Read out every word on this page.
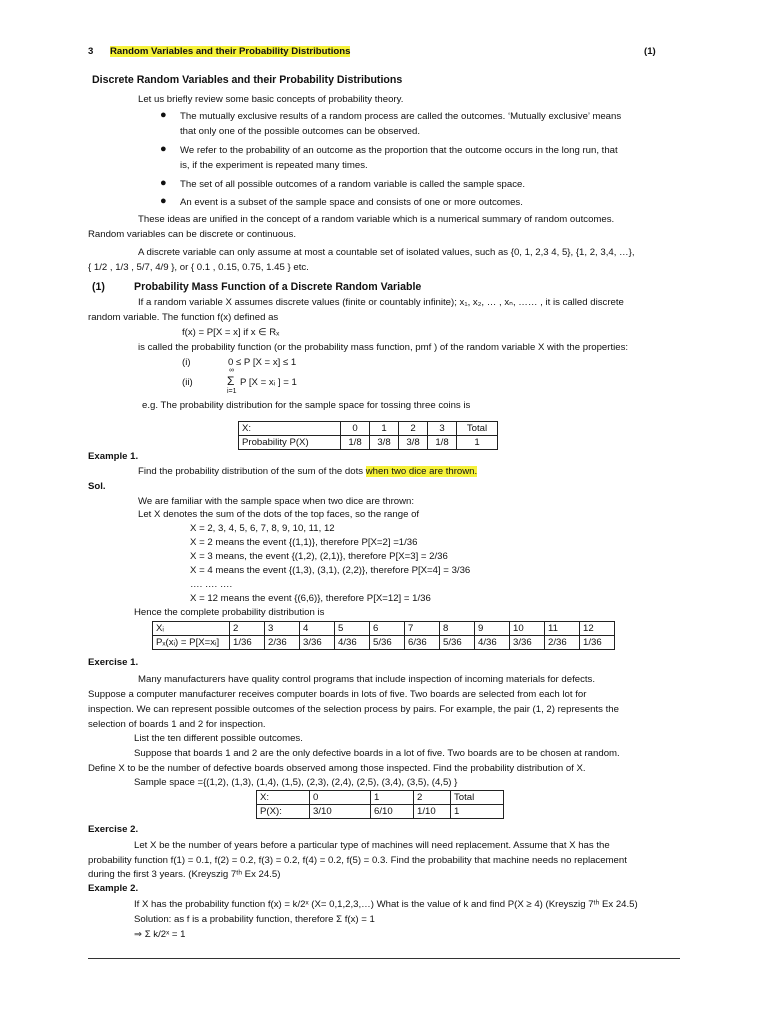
3 Random Variables and their Probability Distributions	(1)
Discrete Random Variables and their Probability Distributions
Let us briefly review some basic concepts of probability theory.
● The mutually exclusive results of a random process are called the outcomes. ‘Mutually exclusive’ means
that only one of the possible outcomes can be observed.
● We refer to the probability of an outcome as the proportion that the outcome occurs in the long run, that
is, if the experiment is repeated many times.
● The set of all possible outcomes of a random variable is called the sample space.
● An event is a subset of the sample space and consists of one or more outcomes.
These ideas are unified in the concept of a random variable which is a numerical summary of random outcomes.
Random variables can be discrete or continuous.
A discrete variable can only assume at most a countable set of isolated values, such as {0, 1, 2,3 4, 5}, {1, 2, 3,4, …},
{ 1/2 , 1/3 , 5/7, 4/9 }, or { 0.1 , 0.15, 0.75, 1.45 } etc.
(1)	Probability Mass Function of a Discrete Random Variable
If a random variable X assumes discrete values (finite or countably infinite); x₁, x₂, … , xₙ, …… , it is called discrete
random variable. The function f(x) defined as
f(x) = P[X = x] if x ∈ Rₓ
is called the probability function (or the probability mass function, pmf ) of the random variable X with the properties:
(i)	0 ≤ P [X = x] ≤ 1
(ii)
∞
Σ
i=1
P [X = xᵢ ] = 1
e.g. The probability distribution for the sample space for tossing three coins is
X:	0	1	2	3	Total
Probability P(X)	1/8	3/8	3/8	1/8	1
Example 1.
Find the probability distribution of the sum of the dots when two dice are thrown.
Sol.
We are familiar with the sample space when two dice are thrown:
Let X denotes the sum of the dots of the top faces, so the range of
X = 2, 3, 4, 5, 6, 7, 8, 9, 10, 11, 12
X = 2 means the event {(1,1)}, therefore P[X=2] =1/36
X = 3 means, the event {(1,2), (2,1)}, therefore P[X=3] = 2/36
X = 4 means the event {(1,3), (3,1), (2,2)}, therefore P[X=4] = 3/36
…. …. ….
X = 12 means the event {(6,6)}, therefore P[X=12] = 1/36
Hence the complete probability distribution is
Xᵢ	2	3	4	5	6	7	8	9	10	11	12
Pₓ(xᵢ) = P[X=xᵢ]	1/36	2/36	3/36	4/36	5/36	6/36	5/36	4/36	3/36	2/36	1/36
Exercise 1.
Many manufacturers have quality control programs that include inspection of incoming materials for defects.
Suppose a computer manufacturer receives computer boards in lots of five. Two boards are selected from each lot for
inspection. We can represent possible outcomes of the selection process by pairs. For example, the pair (1, 2) represents the
selection of boards 1 and 2 for inspection.
List the ten different possible outcomes.
Suppose that boards 1 and 2 are the only defective boards in a lot of five. Two boards are to be chosen at random.
Define X to be the number of defective boards observed among those inspected. Find the probability distribution of X.
Sample space ={(1,2), (1,3), (1,4), (1,5), (2,3), (2,4), (2,5), (3,4), (3,5), (4,5) }
X:	0	1	2	Total
P(X):	3/10	6/10	1/10	1
Exercise 2.
Let X be the number of years before a particular type of machines will need replacement. Assume that X has the
probability function f(1) = 0.1, f(2) = 0.2, f(3) = 0.2, f(4) = 0.2, f(5) = 0.3. Find the probability that machine needs no replacement
during the first 3 years. (Kreyszig 7ᵗʰ Ex 24.5)
Example 2.
If X has the probability function f(x) = k/2ˣ (X= 0,1,2,3,…) What is the value of k and find P(X ≥ 4) (Kreyszig 7ᵗʰ Ex 24.5)
Solution: as f is a probability function, therefore Σ f(x) = 1
⇒ Σ k/2ˣ = 1
